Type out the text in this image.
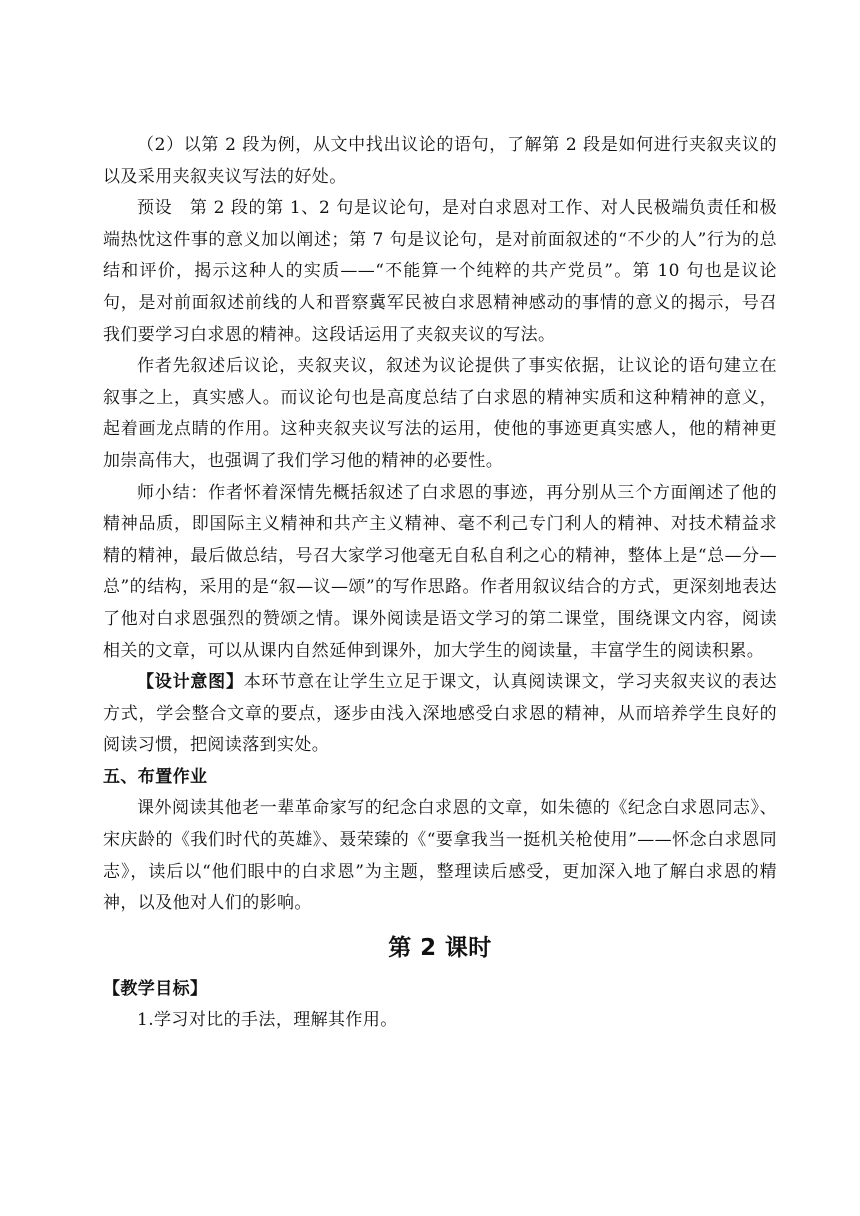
（2）以第 2 段为例，从文中找出议论的语句，了解第 2 段是如何进行夹叙夹议的以及采用夹叙夹议写法的好处。

预设　第 2 段的第 1、2 句是议论句，是对白求恩对工作、对人民极端负责任和极端热忱这件事的意义加以阐述；第 7 句是议论句，是对前面叙述的“不少的人”行为的总结和评价，揭示这种人的实质——“不能算一个纯粹的共产党员”。第 10 句也是议论句，是对前面叙述前线的人和晋察冀军民被白求恩精神感动的事情的意义的揭示，号召我们要学习白求恩的精神。这段话运用了夹叙夹议的写法。

作者先叙述后议论，夹叙夹议，叙述为议论提供了事实依据，让议论的语句建立在叙事之上，真实感人。而议论句也是高度总结了白求恩的精神实质和这种精神的意义，起着画龙点睛的作用。这种夹叙夹议写法的运用，使他的事迹更真实感人，他的精神更加崇高伟大，也强调了我们学习他的精神的必要性。

师小结：作者怀着深情先概括叙述了白求恩的事迹，再分别从三个方面阐述了他的精神品质，即国际主义精神和共产主义精神、毫不利己专门利人的精神、对技术精益求精的精神，最后做总结，号召大家学习他毫无自私自利之心的精神，整体上是“总—分—总”的结构，采用的是“叙—议—颂”的写作思路。作者用叙议结合的方式，更深刻地表达了他对白求恩强烈的赞颂之情。课外阅读是语文学习的第二课堂，围绕课文内容，阅读相关的文章，可以从课内自然延伸到课外，加大学生的阅读量，丰富学生的阅读积累。

【设计意图】本环节意在让学生立足于课文，认真阅读课文，学习夹叙夹议的表达方式，学会整合文章的要点，逐步由浅入深地感受白求恩的精神，从而培养学生良好的阅读习惯，把阅读落到实处。

五、布置作业

课外阅读其他老一辈革命家写的纪念白求恩的文章，如朱德的《纪念白求恩同志》、宋庆龄的《我们时代的英雄》、聂荣臻的《“要拿我当一挺机关枪使用”——怀念白求恩同志》，读后以“他们眼中的白求恩”为主题，整理读后感受，更加深入地了解白求恩的精神，以及他对人们的影响。

第 2 课时

【教学目标】

1.学习对比的手法，理解其作用。
